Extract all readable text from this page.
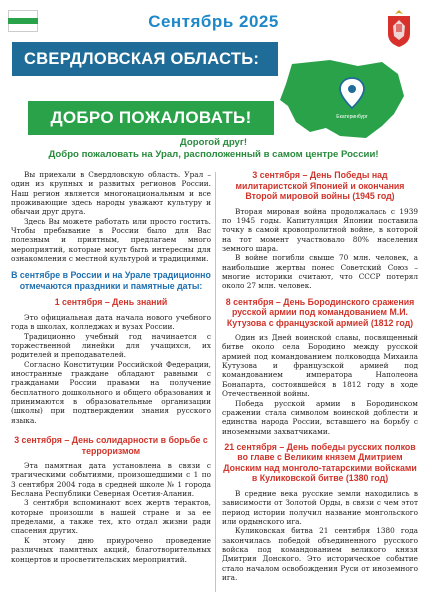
Сентябрь 2025
СВЕРДЛОВСКАЯ ОБЛАСТЬ:
ДОБРО ПОЖАЛОВАТЬ!	Екатеринбург
Дорогой друг!
Добро пожаловать на Урал, расположенный в самом центре России!

Вы приехали в Свердловскую область. Урал – один из крупных и развитых регионов России. Наш регион является многонациональным и все проживающие здесь народы уважают культуру и обычаи друг друга.

Здесь Вы можете работать или просто гостить. Чтобы пребывание в России было для Вас полезным и приятным, предлагаем много мероприятий, которые могут быть интересны для ознакомления с местной культурой и традициями.

В сентябре в России и на Урале традиционно отмечаются праздники и памятные даты:
1 сентября – День знаний

Это официальная дата начала нового учебного года в школах, колледжах и вузах России.

Традиционно учебный год начинается с торжественной линейки для учащихся, их родителей и преподавателей.

Согласно Конституции Российской Федерации, иностранные граждане обладают равными с гражданами России правами на получение бесплатного дошкольного и общего образования и принимаются в образовательные организации (школы) при подтверждении знания русского языка.

3 сентября – День солидарности в борьбе с терроризмом

Эта памятная дата установлена в связи с трагическими событиями, произошедшими с 1 по 3 сентября 2004 года в средней школе № 1 города Беслана Республики Северная Осетия-Алания.

3 сентября вспоминают всех жертв терактов, которые произошли в нашей стране и за ее пределами, а также тех, кто отдал жизни ради спасения других.

К этому дню приурочено проведение различных памятных акций, благотворительных концертов и просветительских мероприятий.

3 сентября – День Победы над милитаристской Японией и окончания Второй мировой войны (1945 год)

Вторая мировая война продолжалась с 1939 по 1945 годы. Капитуляция Японии поставила точку в самой кровопролитной войне, в которой на тот момент участвовало 80% населения земного шара.

В войне погибли свыше 70 млн. человек, а наибольшие жертвы понес Советский Союз – многие историки считают, что СССР потерял около 27 млн. человек.

8 сентября – День Бородинского сражения русской армии под командованием М.И. Кутузова с французской армией (1812 год)

Один из Дней воинской славы, посвященный битве около села Бородино между русской армией под командованием полководца Михаила Кутузова и французской армией под командованием императора Наполеона Бонапарта, состоявшейся в 1812 году в ходе Отечественной войны.

Победа русской армии в Бородинском сражении стала символом воинской доблести и единства народа России, вставшего на борьбу с иноземными захватчиками.

21 сентября – День победы русских полков во главе с Великим князем Дмитрием Донским над монголо-татарскими войсками в Куликовской битве (1380 год)

В средние века русские земли находились в зависимости от Золотой Орды, в связи с чем этот период истории получил название монгольского или ордынского ига.

Куликовская битва 21 сентября 1380 года закончилась победой объединенного русского войска под командованием великого князя Дмитрия Донского. Это историческое событие стало началом освобождения Руси от иноземного ига.
